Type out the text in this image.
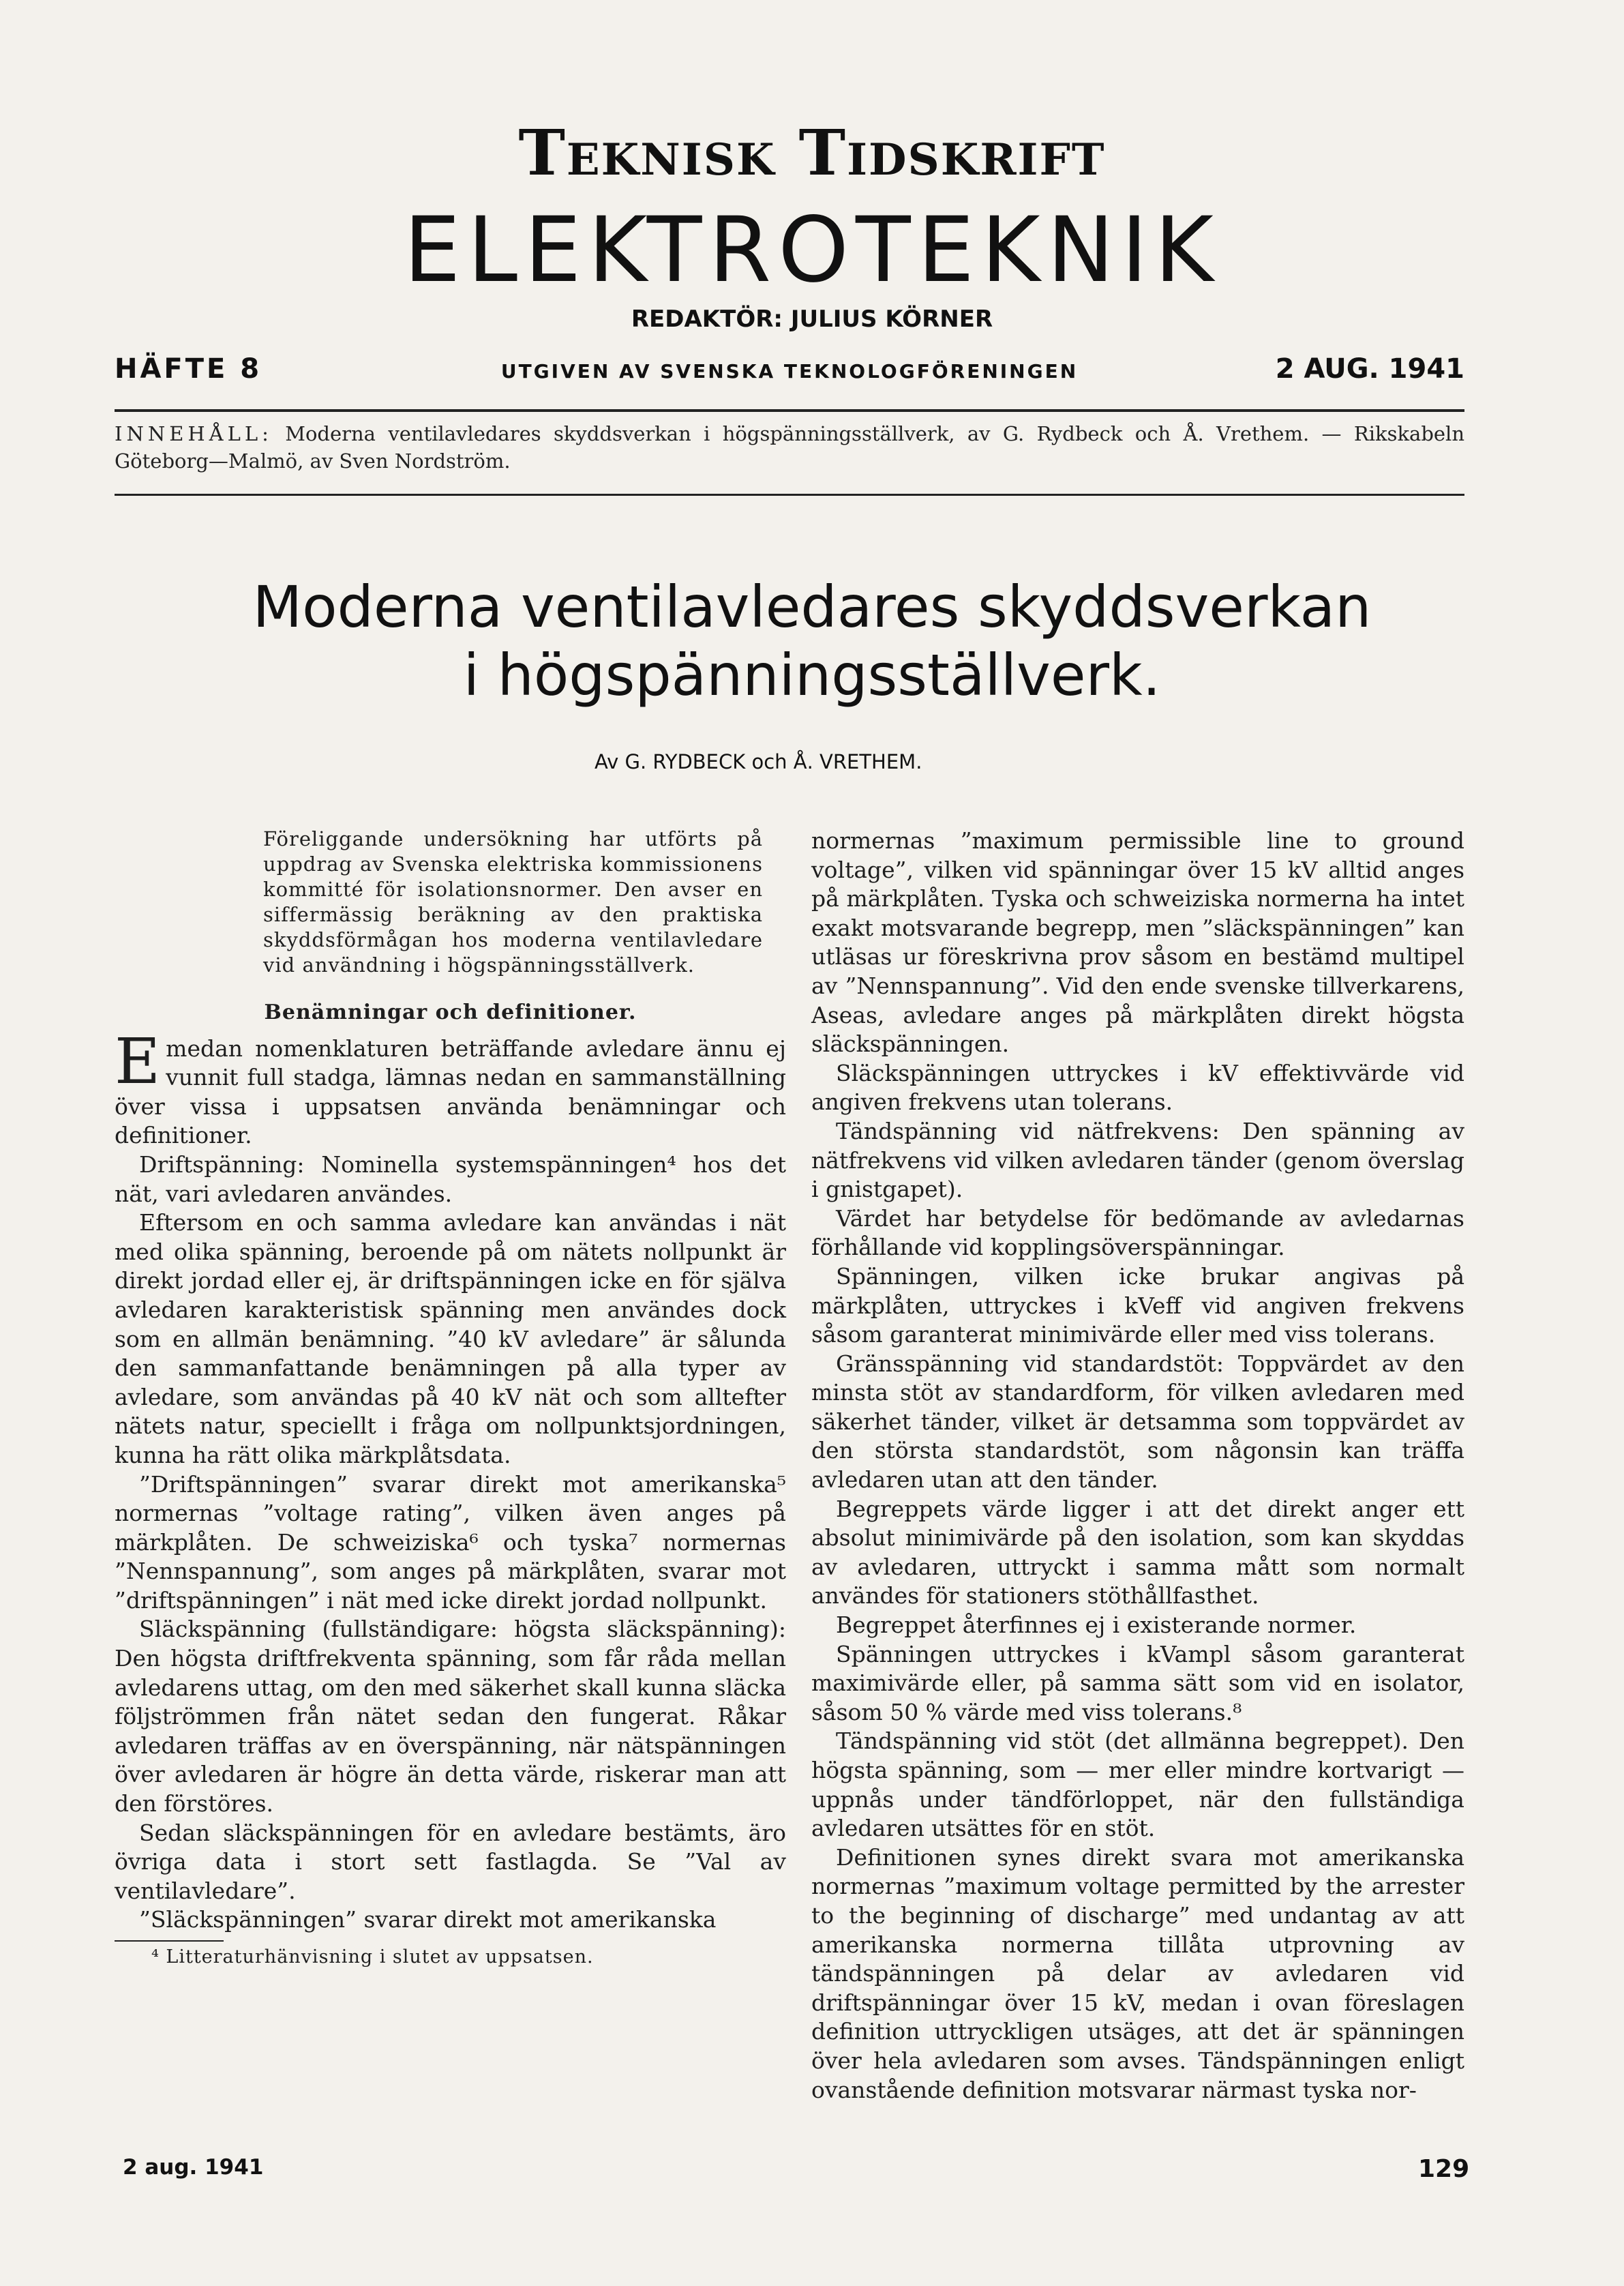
Teknisk Tidskrift
ELEKTROTEKNIK
REDAKTÖR: JULIUS KÖRNER
HÄFTE 8	UTGIVEN AV SVENSKA TEKNOLOGFÖRENINGEN	2 AUG. 1941
INNEHÅLL: Moderna ventilavledares skyddsverkan i högspänningsställverk, av G. Rydbeck och Å. Vrethem. — Rikskabeln Göteborg—Malmö, av Sven Nordström.
Moderna ventilavledares skyddsverkan
i högspänningsställverk.
Av G. RYDBECK och Å. VRETHEM.

Föreliggande undersökning har utförts på uppdrag av Svenska elektriska kommissionens kommitté för isolationsnormer. Den avser en siffermässig beräkning av den praktiska skyddsförmågan hos moderna ventilavledare vid användning i högspänningsställverk.

Benämningar och definitioner.

Emedan nomenklaturen beträffande avledare ännu ej vunnit full stadga, lämnas nedan en sammanställning över vissa i uppsatsen använda benämningar och definitioner.

Driftspänning: Nominella systemspänningen⁴ hos det nät, vari avledaren användes.

Eftersom en och samma avledare kan användas i nät med olika spänning, beroende på om nätets nollpunkt är direkt jordad eller ej, är driftspänningen icke en för själva avledaren karakteristisk spänning men användes dock som en allmän benämning. ”40 kV avledare” är sålunda den sammanfattande benämningen på alla typer av avledare, som användas på 40 kV nät och som alltefter nätets natur, speciellt i fråga om nollpunktsjordningen, kunna ha rätt olika märkplåtsdata.

”Driftspänningen” svarar direkt mot amerikanska⁵ normernas ”voltage rating”, vilken även anges på märkplåten. De schweiziska⁶ och tyska⁷ normernas ”Nennspannung”, som anges på märkplåten, svarar mot ”driftspänningen” i nät med icke direkt jordad nollpunkt.

Släckspänning (fullständigare: högsta släckspänning): Den högsta driftfrekventa spänning, som får råda mellan avledarens uttag, om den med säkerhet skall kunna släcka följströmmen från nätet sedan den fungerat. Råkar avledaren träffas av en överspänning, när nätspänningen över avledaren är högre än detta värde, riskerar man att den förstöres.

Sedan släckspänningen för en avledare bestämts, äro övriga data i stort sett fastlagda. Se ”Val av ventilavledare”.

”Släckspänningen” svarar direkt mot amerikanska

⁴ Litteraturhänvisning i slutet av uppsatsen.

normernas ”maximum permissible line to ground voltage”, vilken vid spänningar över 15 kV alltid anges på märkplåten. Tyska och schweiziska normerna ha intet exakt motsvarande begrepp, men ”släckspänningen” kan utläsas ur föreskrivna prov såsom en bestämd multipel av ”Nennspannung”. Vid den ende svenske tillverkarens, Aseas, avledare anges på märkplåten direkt högsta släckspänningen.

Släckspänningen uttryckes i kV effektivvärde vid angiven frekvens utan tolerans.

Tändspänning vid nätfrekvens: Den spänning av nätfrekvens vid vilken avledaren tänder (genom överslag i gnistgapet).

Värdet har betydelse för bedömande av avledarnas förhållande vid kopplingsöverspänningar.

Spänningen, vilken icke brukar angivas på märkplåten, uttryckes i kVeff vid angiven frekvens såsom garanterat minimivärde eller med viss tolerans.

Gränsspänning vid standardstöt: Toppvärdet av den minsta stöt av standardform, för vilken avledaren med säkerhet tänder, vilket är detsamma som toppvärdet av den största standardstöt, som någonsin kan träffa avledaren utan att den tänder.

Begreppets värde ligger i att det direkt anger ett absolut minimivärde på den isolation, som kan skyddas av avledaren, uttryckt i samma mått som normalt användes för stationers stöthållfasthet.

Begreppet återfinnes ej i existerande normer.

Spänningen uttryckes i kVampl såsom garanterat maximivärde eller, på samma sätt som vid en isolator, såsom 50 % värde med viss tolerans.⁸

Tändspänning vid stöt (det allmänna begreppet). Den högsta spänning, som — mer eller mindre kortvarigt — uppnås under tändförloppet, när den fullständiga avledaren utsättes för en stöt.

Definitionen synes direkt svara mot amerikanska normernas ”maximum voltage permitted by the arrester to the beginning of discharge” med undantag av att amerikanska normerna tillåta utprovning av tändspänningen på delar av avledaren vid driftspänningar över 15 kV, medan i ovan föreslagen definition uttryckligen utsäges, att det är spänningen över hela avledaren som avses. Tändspänningen enligt ovanstående definition motsvarar närmast tyska nor-

2 aug. 1941	129
